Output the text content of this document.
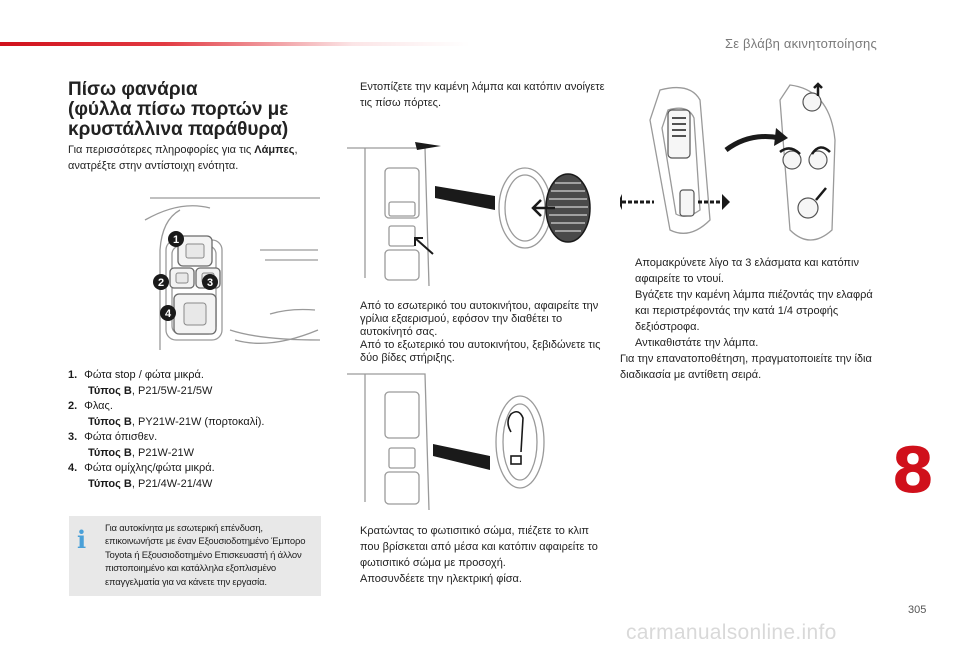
Σε βλάβη ακινητοποίησης
Πίσω φανάρια
(φύλλα πίσω πορτών με
κρυστάλλινα παράθυρα)
Για περισσότερες πληροφορίες για τις Λάμπες, ανατρέξτε στην αντίστοιχη ενότητα.
1
2	3
4
1. Φώτα stop / φώτα μικρά.
Τύπος B, P21/5W-21/5W
2. Φλας.
Τύπος B, PY21W-21W (πορτοκαλί).
3. Φώτα όπισθεν.
Τύπος B, P21W-21W
4. Φώτα ομίχλης/φώτα μικρά.
Τύπος B, P21/4W-21/4W
i Για αυτοκίνητα με εσωτερική επένδυση, επικοινωνήστε με έναν Εξουσιοδοτημένο Έμπορο Toyota ή Εξουσιοδοτημένο Επισκευαστή ή άλλον πιστοποιημένο και κατάλληλα εξοπλισμένο επαγγελματία για να κάνετε την εργασία.
Εντοπίζετε την καμένη λάμπα και κατόπιν ανοίγετε τις πίσω πόρτες.
Από το εσωτερικό του αυτοκινήτου, αφαιρείτε την γρίλια εξαερισμού, εφόσον την διαθέτει το αυτοκίνητό σας.
Από το εξωτερικό του αυτοκινήτου, ξεβιδώνετε τις δύο βίδες στήριξης.
Κρατώντας το φωτισιτικό σώμα, πιέζετε το κλιπ που βρίσκεται από μέσα και κατόπιν αφαιρείτε το φωτισιτικό σώμα με προσοχή.
Αποσυνδέετε την ηλεκτρική φίσα.
Απομακρύνετε λίγο τα 3 ελάσματα και κατόπιν αφαιρείτε το ντουί.
Βγάζετε την καμένη λάμπα πιέζοντάς την ελαφρά και περιστρέφοντάς την κατά 1/4 στροφής δεξιόστροφα.
Αντικαθιστάτε την λάμπα.
Για την επανατοποθέτηση, πραγματοποιείτε την ίδια διαδικασία με αντίθετη σειρά.
8
305
carmanualsonline.info
